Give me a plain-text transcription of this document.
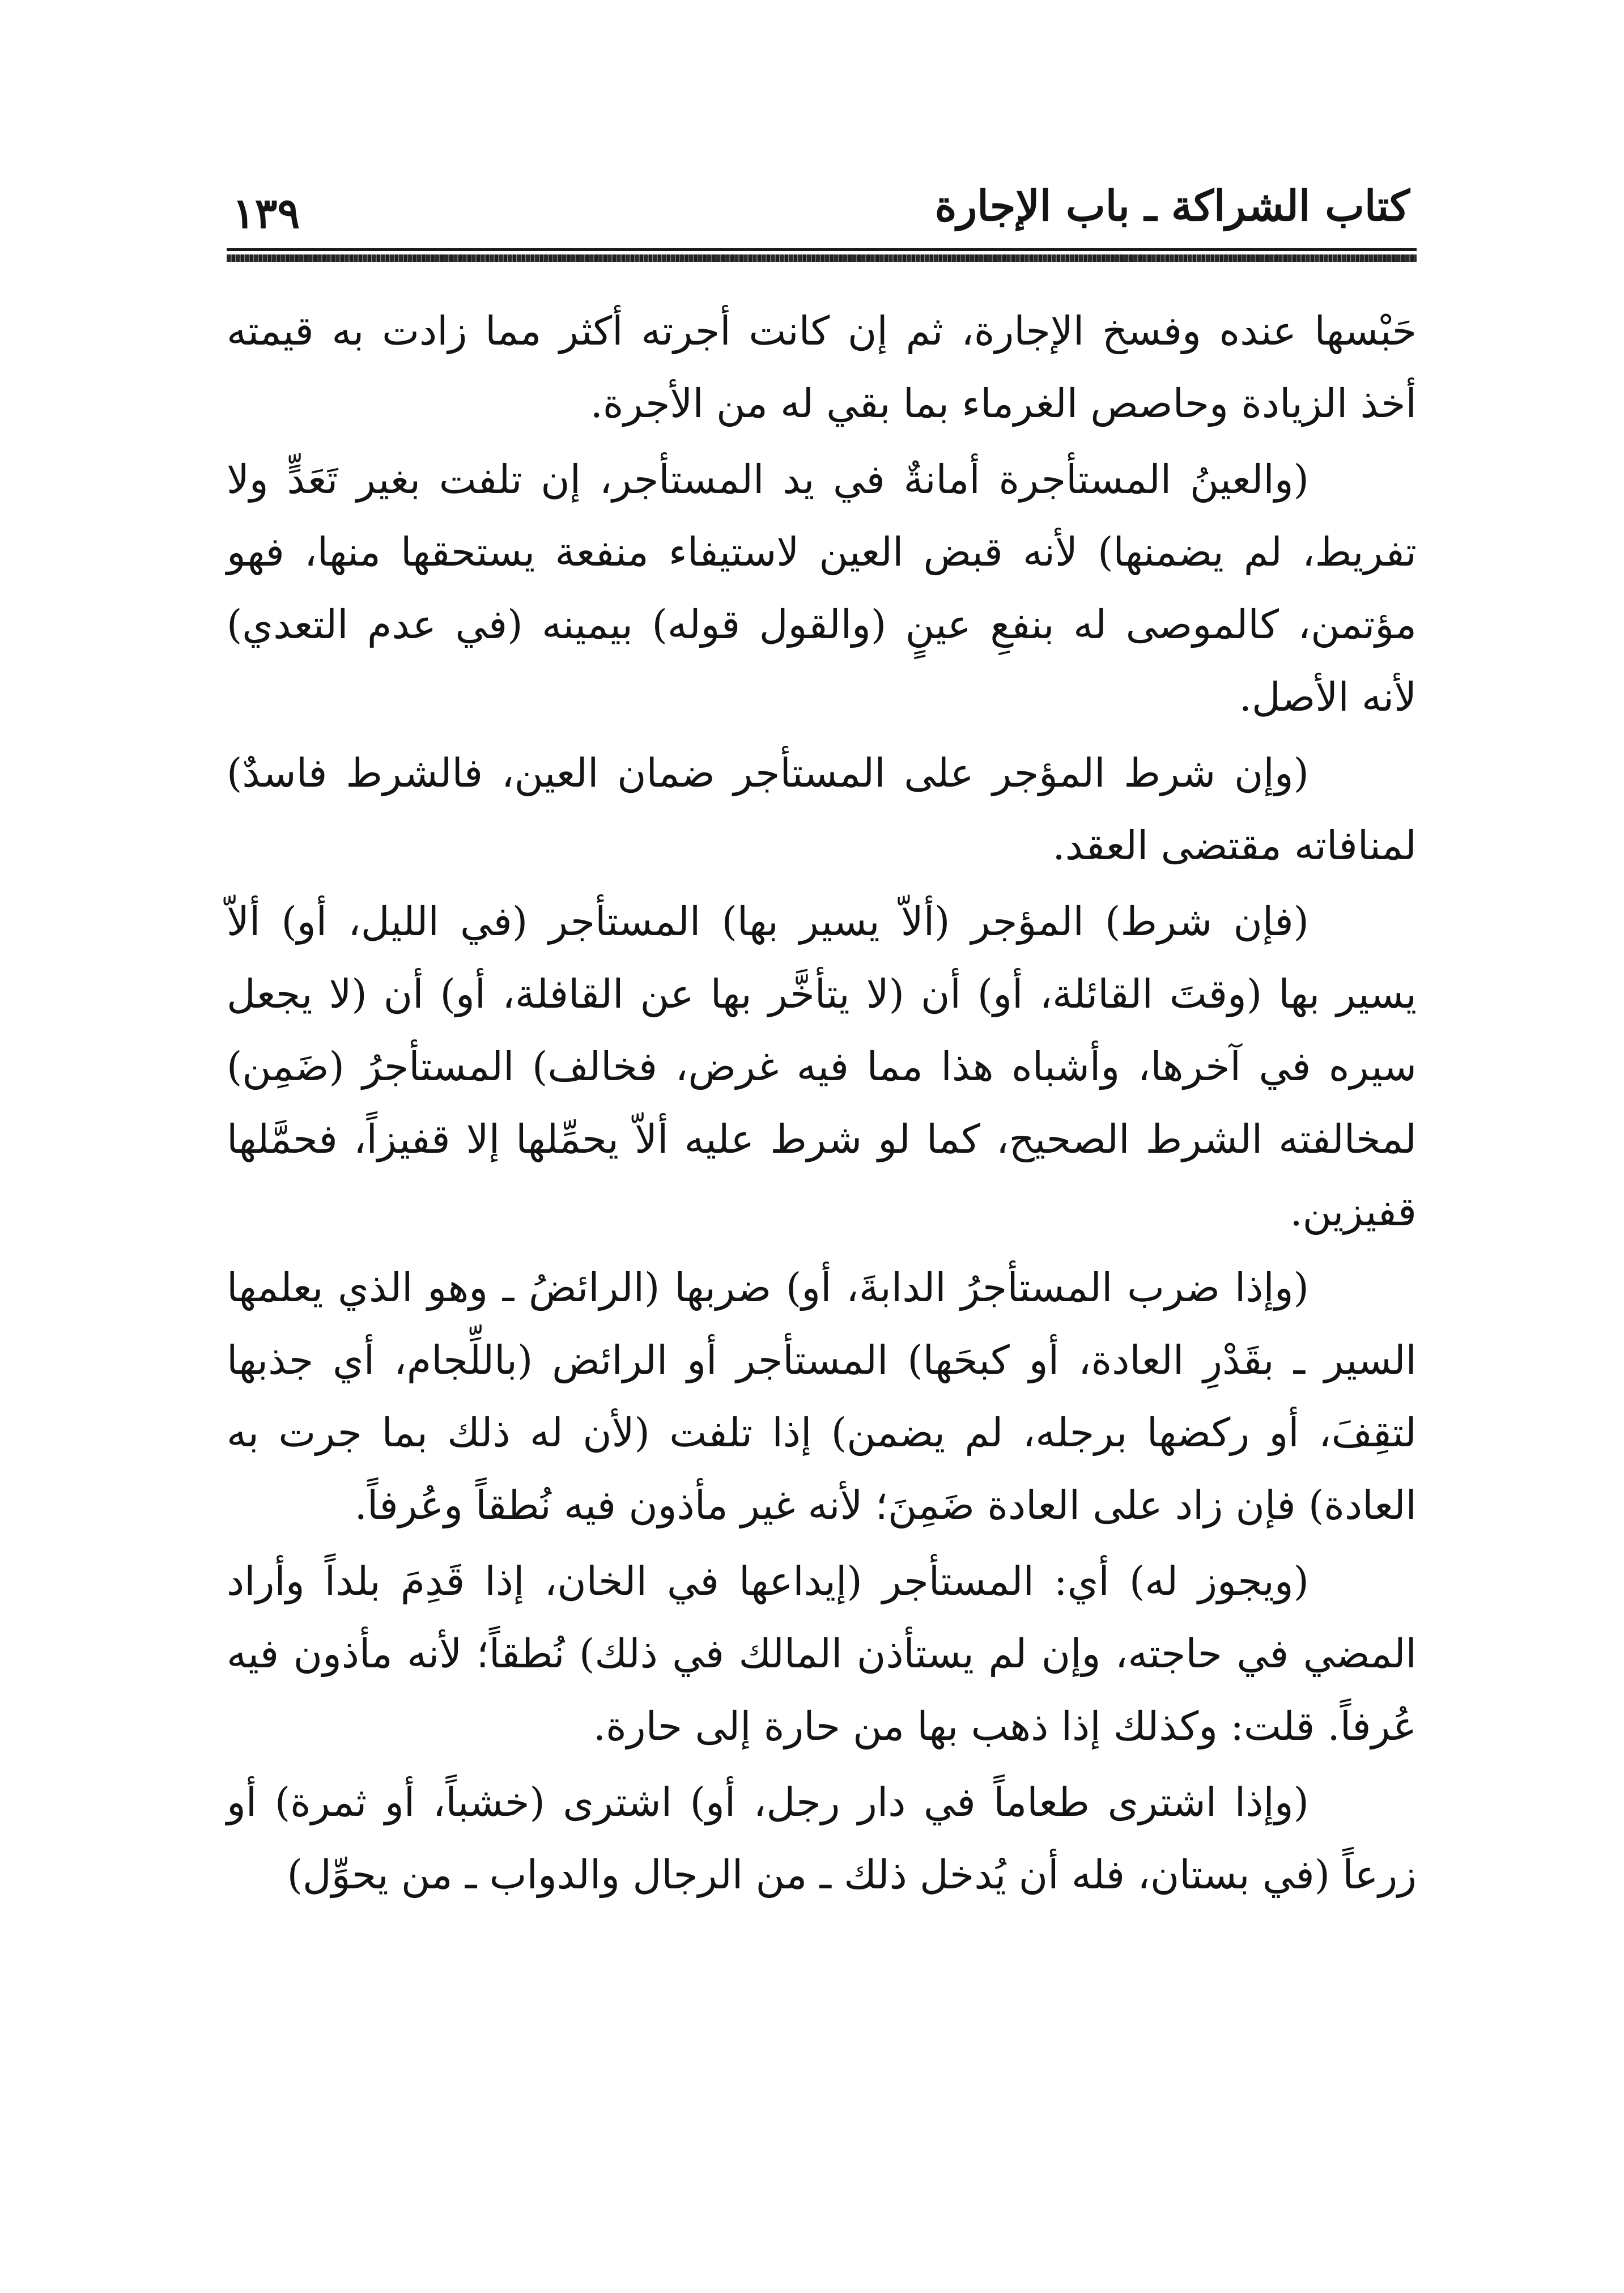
١٣٩	كتاب الشراكة ـ باب الإجارة

حَبْسها عنده وفسخ الإجارة، ثم إن كانت أجرته أكثر مما زادت به قيمته أخذ الزيادة وحاصص الغرماء بما بقي له من الأجرة.

(والعينُ المستأجرة أمانةٌ في يد المستأجر، إن تلفت بغير تَعَدٍّ ولا تفريط، لم يضمنها) لأنه قبض العين لاستيفاء منفعة يستحقها منها، فهو مؤتمن، كالموصى له بنفعِ عينٍ (والقول قوله) بيمينه (في عدم التعدي) لأنه الأصل.

(وإن شرط المؤجر على المستأجر ضمان العين، فالشرط فاسدٌ) لمنافاته مقتضى العقد.

(فإن شرط) المؤجر (ألاّ يسير بها) المستأجر (في الليل، أو) ألاّ يسير بها (وقتَ القائلة، أو) أن (لا يتأخَّر بها عن القافلة، أو) أن (لا يجعل سيره في آخرها، وأشباه هذا مما فيه غرض، فخالف) المستأجرُ (ضَمِن) لمخالفته الشرط الصحيح، كما لو شرط عليه ألاّ يحمِّلها إلا قفيزاً، فحمَّلها قفيزين.

(وإذا ضرب المستأجرُ الدابةَ، أو) ضربها (الرائضُ ـ وهو الذي يعلمها السير ـ بقَدْرِ العادة، أو كبحَها) المستأجر أو الرائض (باللِّجام، أي جذبها لتقِفَ، أو ركضها برجله، لم يضمن) إذا تلفت (لأن له ذلك بما جرت به العادة) فإن زاد على العادة ضَمِنَ؛ لأنه غير مأذون فيه نُطقاً وعُرفاً.

(ويجوز له) أي: المستأجر (إيداعها في الخان، إذا قَدِمَ بلداً وأراد المضي في حاجته، وإن لم يستأذن المالك في ذلك) نُطقاً؛ لأنه مأذون فيه عُرفاً. قلت: وكذلك إذا ذهب بها من حارة إلى حارة.

(وإذا اشترى طعاماً في دار رجل، أو) اشترى (خشباً، أو ثمرة) أو زرعاً (في بستان، فله أن يُدخل ذلك ـ من الرجال والدواب ـ من يحوِّل)
